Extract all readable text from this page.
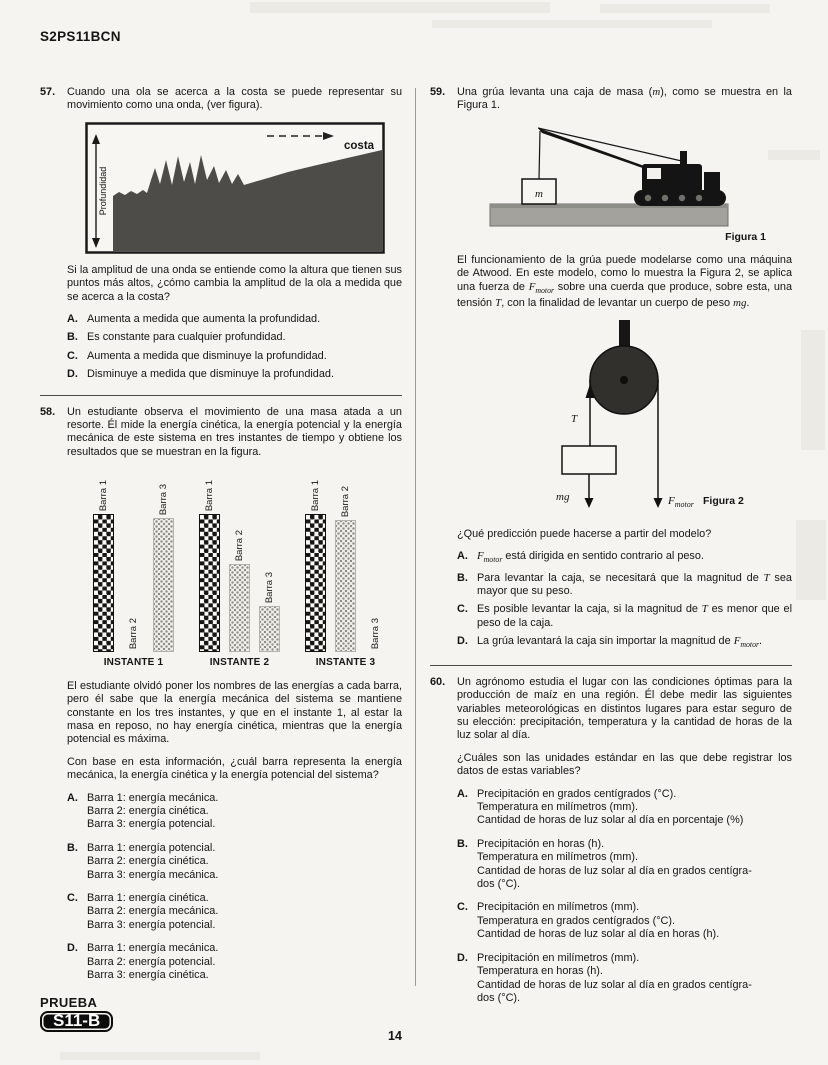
S2PS11BCN
57.	Cuando una ola se acerca a la costa se puede representar su movimiento como una onda, (ver figura).

costa
Profundidad

Si la amplitud de una onda se entiende como la altura que tienen sus puntos más altos, ¿cómo cambia la amplitud de la ola a medida que se acerca a la costa?

A. Aumenta a medida que aumenta la profundidad.
B. Es constante para cualquier profundidad.
C. Aumenta a medida que disminuye la profundidad.
D. Disminuye a medida que disminuye la profundidad.
58.	Un estudiante observa el movimiento de una masa atada a un resorte. Él mide la energía cinética, la energía potencial y la energía mecánica de este sistema en tres instantes de tiempo y obtiene los resultados que se muestran en la figura.

Barra 1
Barra 2
Barra 3
INSTANTE 1
Barra 1
Barra 2
Barra 3
INSTANTE 2
Barra 1 Barra 2
Barra 3
INSTANTE 3

El estudiante olvidó poner los nombres de las energías a cada barra, pero él sabe que la energía mecánica del sistema se mantiene constante en los tres instantes, y que en el instante 1, al estar la masa en reposo, no hay energía cinética, mientras que la energía potencial es máxima.

Con base en esta información, ¿cuál barra representa la energía mecánica, la energía cinética y la energía potencial del sistema?

A. Barra 1: energía mecánica.
Barra 2: energía cinética.
Barra 3: energía potencial.
B. Barra 1: energía potencial.
Barra 2: energía cinética.
Barra 3: energía mecánica.
C. Barra 1: energía cinética.
Barra 2: energía mecánica.
Barra 3: energía potencial.
D. Barra 1: energía mecánica.
Barra 2: energía potencial.
Barra 3: energía cinética.
59.	Una grúa levanta una caja de masa (m), como se muestra en la Figura 1.

m
Figura 1

El funcionamiento de la grúa puede modelarse como una máquina de Atwood. En este modelo, como lo muestra la Figura 2, se aplica una fuerza de $F_{motor}$ sobre una cuerda que produce, sobre esta, una tensión T, con la finalidad de levantar un cuerpo de peso mg.

T
mg	$F_{motor}$ Figura 2

¿Qué predicción puede hacerse a partir del modelo?

A. $F_{motor}$ está dirigida en sentido contrario al peso.
B. Para levantar la caja, se necesitará que la magnitud de T sea mayor que su peso.
C. Es posible levantar la caja, si la magnitud de T es menor que el peso de la caja.
D. La grúa levantará la caja sin importar la magnitud de $F_{motor}$.
60.	Un agrónomo estudia el lugar con las condiciones óptimas para la producción de maíz en una región. Él debe medir las siguientes variables meteorológicas en distintos lugares para estar seguro de su elección: precipitación, temperatura y la cantidad de horas de la luz solar al día.

¿Cuáles son las unidades estándar en las que debe registrar los datos de estas variables?

A. Precipitación en grados centígrados (°C).
Temperatura en milímetros (mm).
Cantidad de horas de luz solar al día en porcentaje (%)
B. Precipitación en horas (h).
Temperatura en milímetros (mm).
Cantidad de horas de luz solar al día en grados centígra-
dos (°C).
C. Precipitación en milímetros (mm).
Temperatura en grados centígrados (°C).
Cantidad de horas de luz solar al día en horas (h).
D. Precipitación en milímetros (mm).
Temperatura en horas (h).
Cantidad de horas de luz solar al día en grados centígra-
dos (°C).
PRUEBA
S11-B
14
